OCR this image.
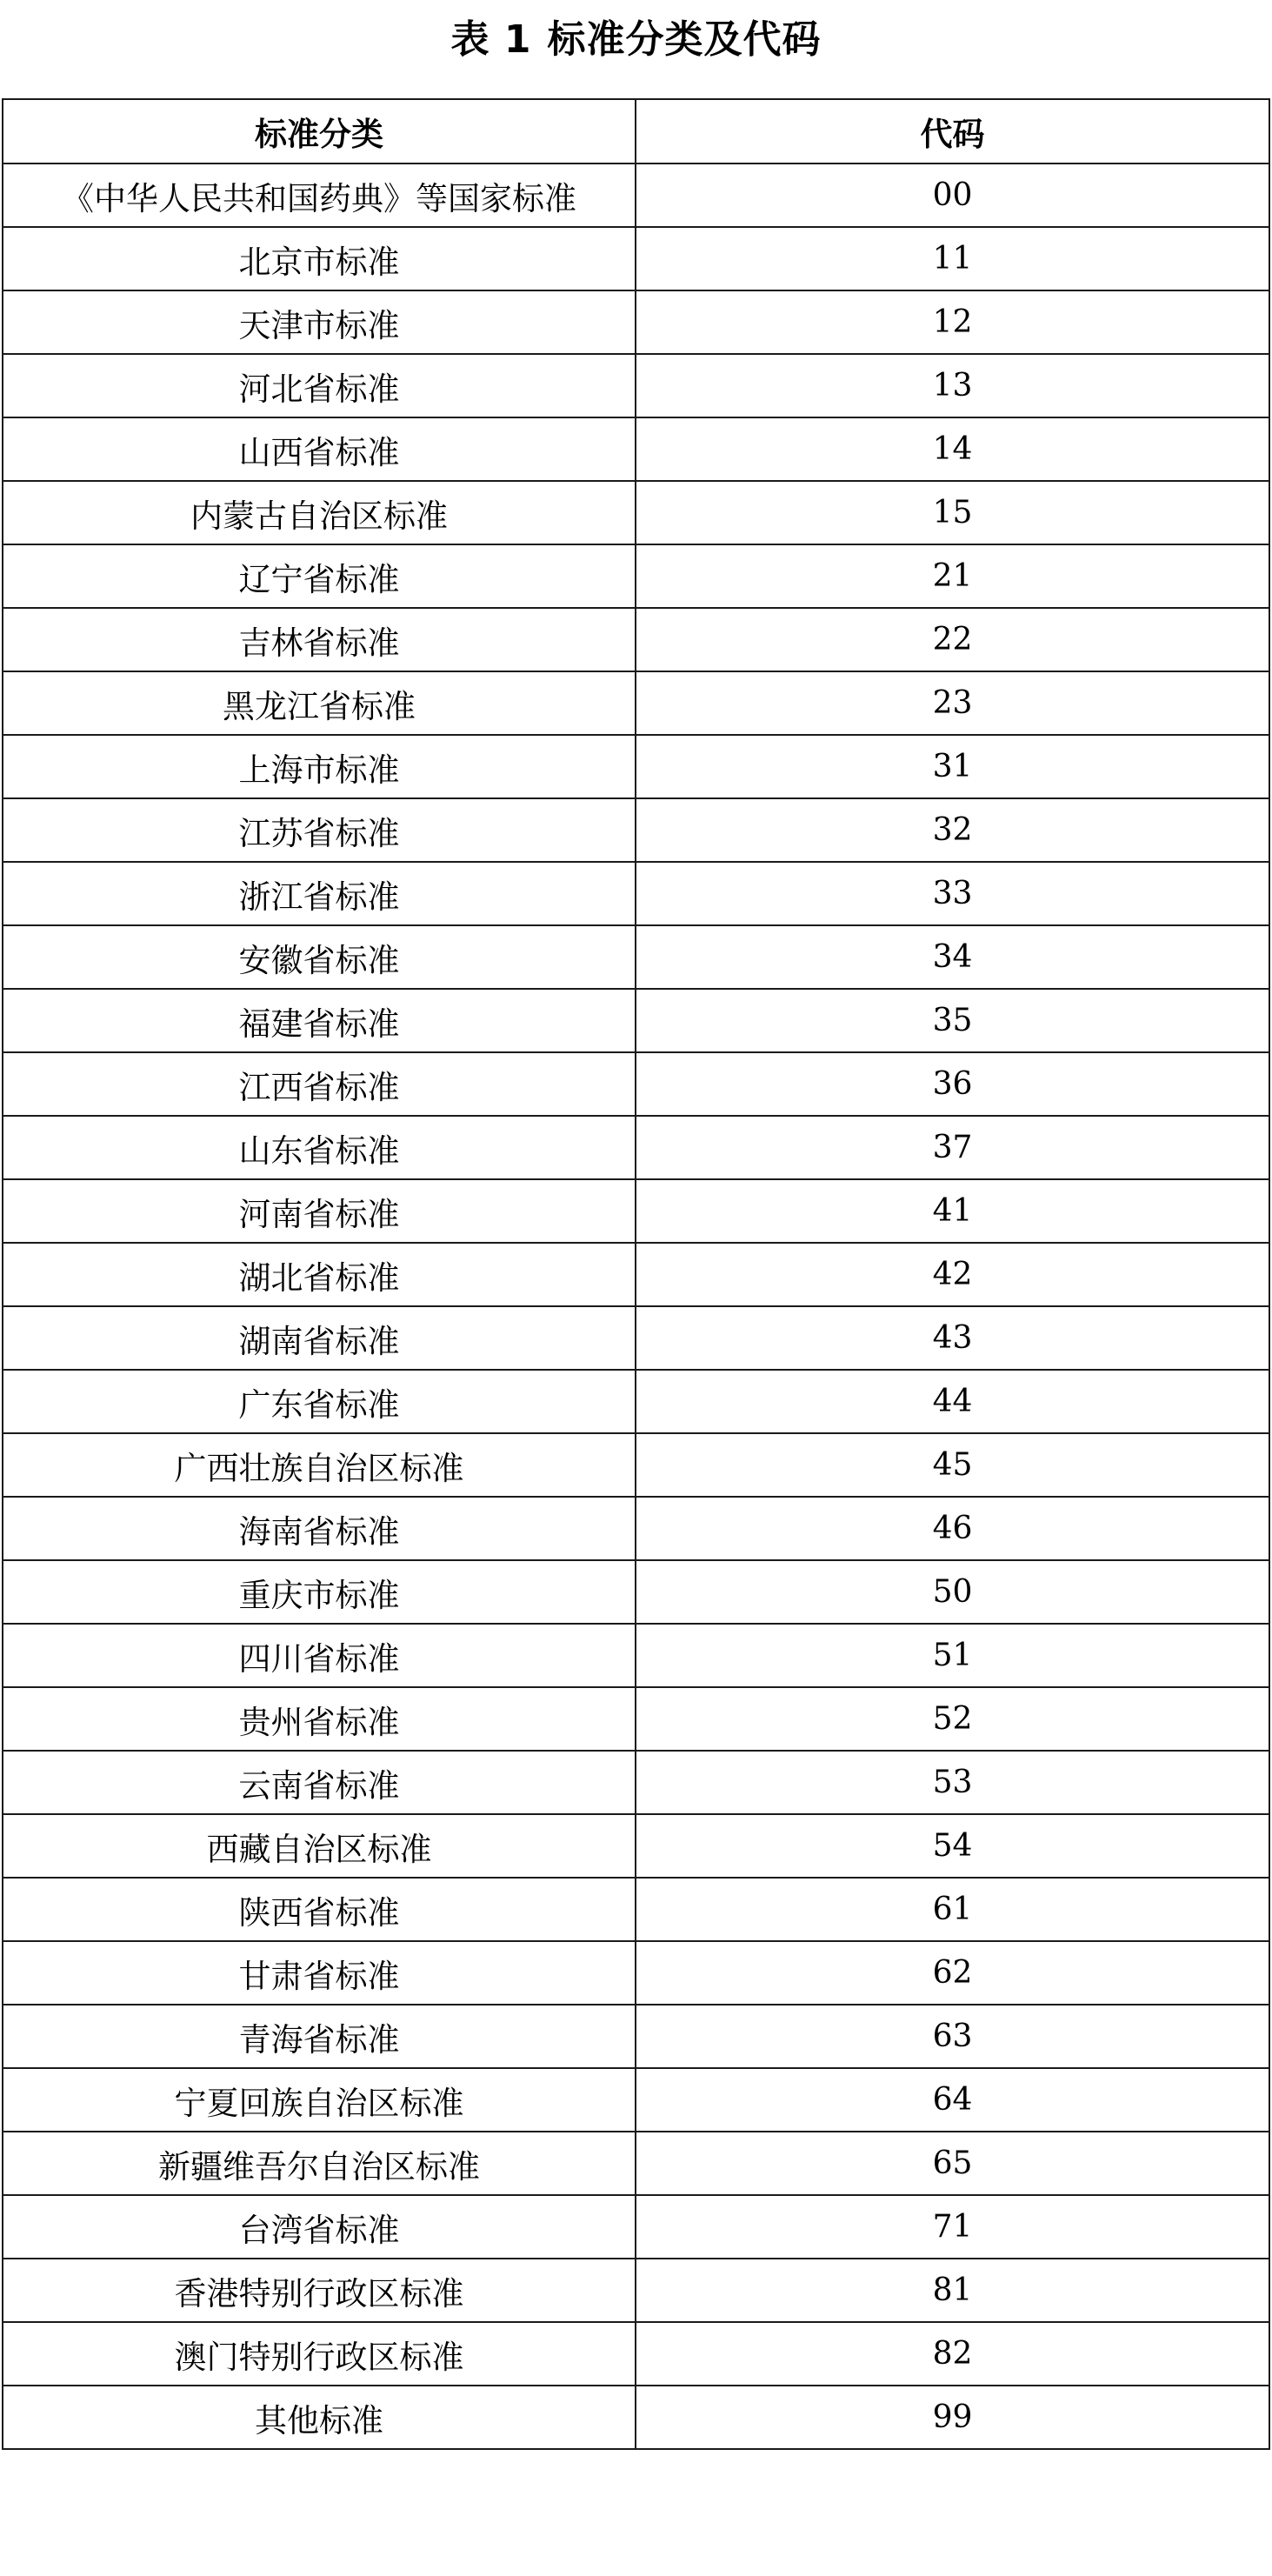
表 1 标准分类及代码
标准分类	代码
《中华人民共和国药典》等国家标准	00
北京市标准	11
天津市标准	12
河北省标准	13
山西省标准	14
内蒙古自治区标准	15
辽宁省标准	21
吉林省标准	22
黑龙江省标准	23
上海市标准	31
江苏省标准	32
浙江省标准	33
安徽省标准	34
福建省标准	35
江西省标准	36
山东省标准	37
河南省标准	41
湖北省标准	42
湖南省标准	43
广东省标准	44
广西壮族自治区标准	45
海南省标准	46
重庆市标准	50
四川省标准	51
贵州省标准	52
云南省标准	53
西藏自治区标准	54
陕西省标准	61
甘肃省标准	62
青海省标准	63
宁夏回族自治区标准	64
新疆维吾尔自治区标准	65
台湾省标准	71
香港特别行政区标准	81
澳门特别行政区标准	82
其他标准	99
